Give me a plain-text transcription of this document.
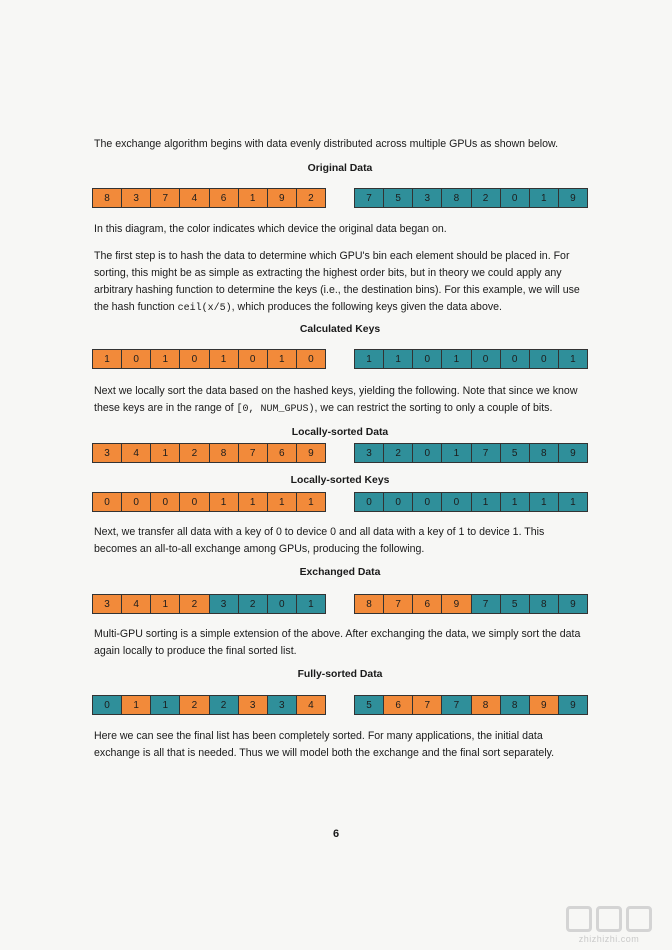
The exchange algorithm begins with data evenly distributed across multiple GPUs as shown below.

Original Data

8	3	7	4	6	1	9	2	7	5	3	8	2	0	1	9

In this diagram, the color indicates which device the original data began on.

The first step is to hash the data to determine which GPU's bin each element should be placed in. For sorting, this might be as simple as extracting the highest order bits, but in theory we could apply any arbitrary hashing function to determine the keys (i.e., the destination bins). For this example, we will use the hash function ceil(x/5), which produces the following keys given the data above.

Calculated Keys

1	0	1	0	1	0	1	0	1	1	0	1	0	0	0	1

Next we locally sort the data based on the hashed keys, yielding the following. Note that since we know these keys are in the range of [0, NUM_GPUS), we can restrict the sorting to only a couple of bits.

Locally-sorted Data

3	4	1	2	8	7	6	9	3	2	0	1	7	5	8	9

Locally-sorted Keys

0	0	0	0	1	1	1	1	0	0	0	0	1	1	1	1

Next, we transfer all data with a key of 0 to device 0 and all data with a key of 1 to device 1. This becomes an all-to-all exchange among GPUs, producing the following.

Exchanged Data

3	4	1	2	3	2	0	1	8	7	6	9	7	5	8	9

Multi-GPU sorting is a simple extension of the above. After exchanging the data, we simply sort the data again locally to produce the final sorted list.

Fully-sorted Data

0	1	1	2	2	3	3	4	5	6	7	7	8	8	9	9

Here we can see the final list has been completely sorted. For many applications, the initial data exchange is all that is needed. Thus we will model both the exchange and the final sort separately.

6
zhizhizhi.com
